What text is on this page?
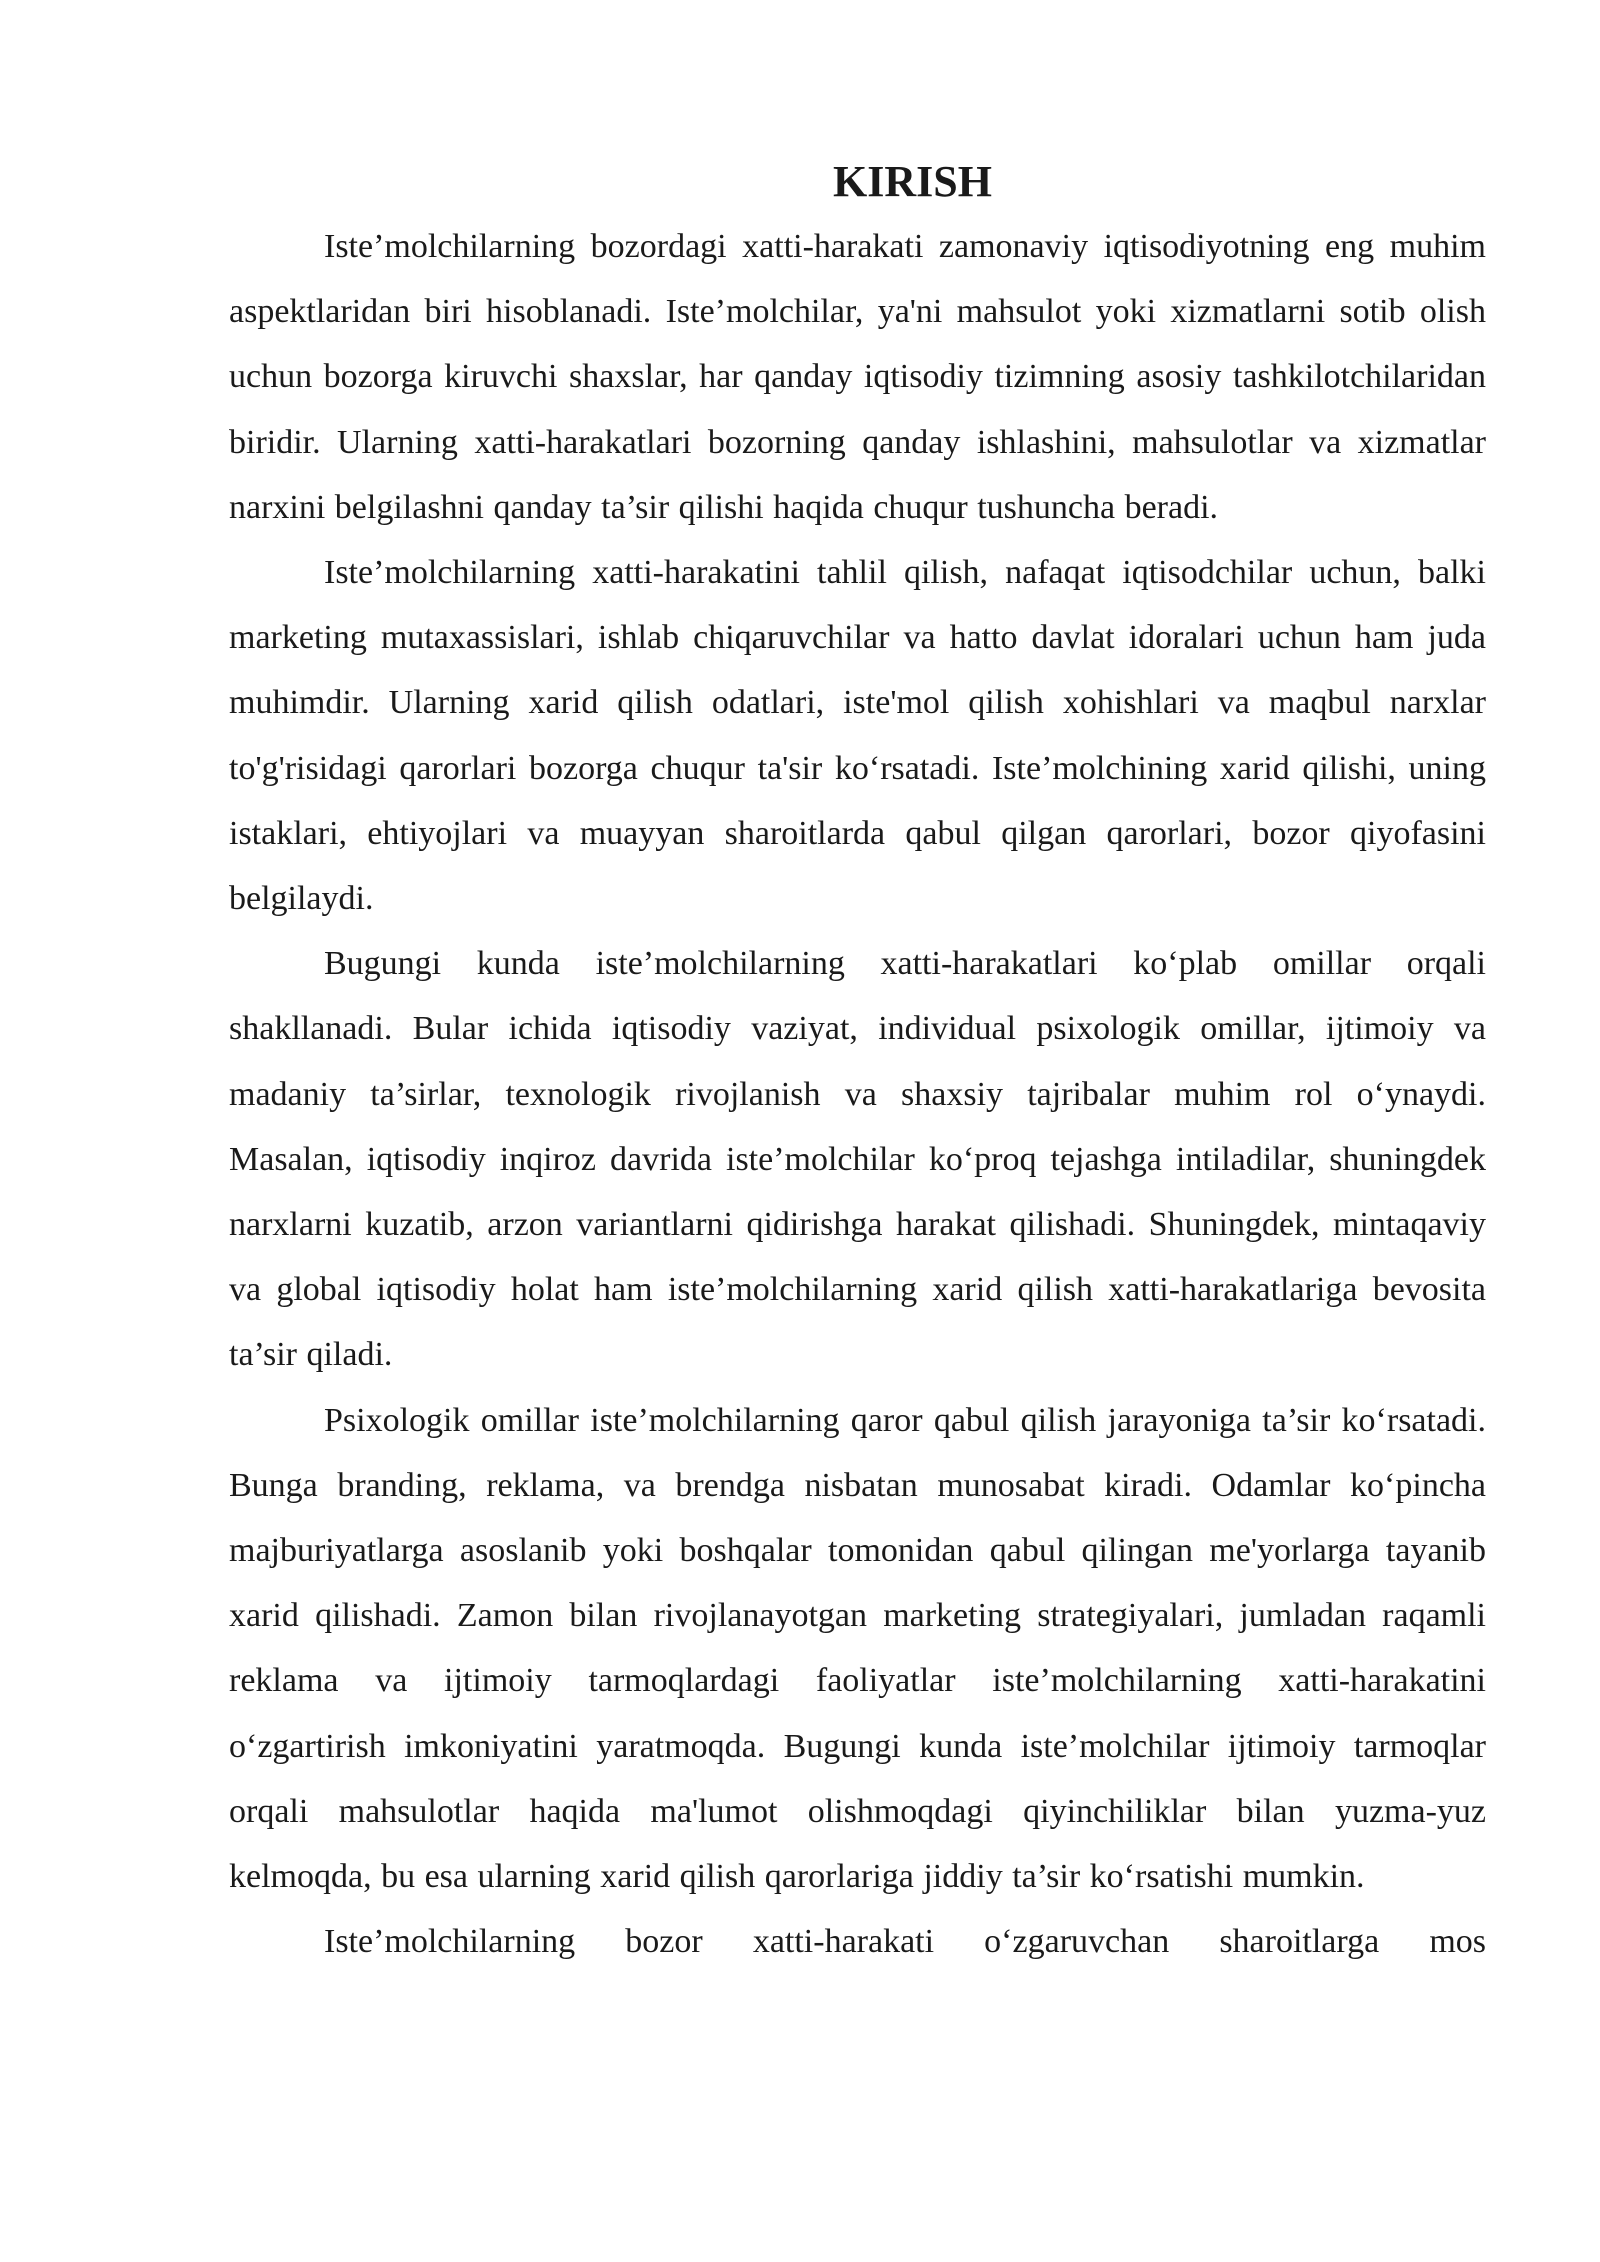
KIRISH

Iste’molchilarning bozordagi xatti-harakati zamonaviy iqtisodiyotning eng muhim aspektlaridan biri hisoblanadi. Iste’molchilar, ya'ni mahsulot yoki xizmatlarni sotib olish uchun bozorga kiruvchi shaxslar, har qanday iqtisodiy tizimning asosiy tashkilotchilaridan biridir. Ularning xatti-harakatlari bozorning qanday ishlashini, mahsulotlar va xizmatlar narxini belgilashni qanday ta’sir qilishi haqida chuqur tushuncha beradi.

Iste’molchilarning xatti-harakatini tahlil qilish, nafaqat iqtisodchilar uchun, balki marketing mutaxassislari, ishlab chiqaruvchilar va hatto davlat idoralari uchun ham juda muhimdir. Ularning xarid qilish odatlari, iste'mol qilish xohishlari va maqbul narxlar to'g'risidagi qarorlari bozorga chuqur ta'sir ko‘rsatadi. Iste’molchining xarid qilishi, uning istaklari, ehtiyojlari va muayyan sharoitlarda qabul qilgan qarorlari, bozor qiyofasini belgilaydi.

Bugungi kunda iste’molchilarning xatti-harakatlari ko‘plab omillar orqali shakllanadi. Bular ichida iqtisodiy vaziyat, individual psixologik omillar, ijtimoiy va madaniy ta’sirlar, texnologik rivojlanish va shaxsiy tajribalar muhim rol o‘ynaydi. Masalan, iqtisodiy inqiroz davrida iste’molchilar ko‘proq tejashga intiladilar, shuningdek narxlarni kuzatib, arzon variantlarni qidirishga harakat qilishadi. Shuningdek, mintaqaviy va global iqtisodiy holat ham iste’molchilarning xarid qilish xatti-harakatlariga bevosita ta’sir qiladi.

Psixologik omillar iste’molchilarning qaror qabul qilish jarayoniga ta’sir ko‘rsatadi. Bunga branding, reklama, va brendga nisbatan munosabat kiradi. Odamlar ko‘pincha majburiyatlarga asoslanib yoki boshqalar tomonidan qabul qilingan me'yorlarga tayanib xarid qilishadi. Zamon bilan rivojlanayotgan marketing strategiyalari, jumladan raqamli reklama va ijtimoiy tarmoqlardagi faoliyatlar iste’molchilarning xatti-harakatini o‘zgartirish imkoniyatini yaratmoqda. Bugungi kunda iste’molchilar ijtimoiy tarmoqlar orqali mahsulotlar haqida ma'lumot olishmoqdagi qiyinchiliklar bilan yuzma-yuz kelmoqda, bu esa ularning xarid qilish qarorlariga jiddiy ta’sir ko‘rsatishi mumkin.

Iste’molchilarning bozor xatti-harakati o‘zgaruvchan sharoitlarga mos
